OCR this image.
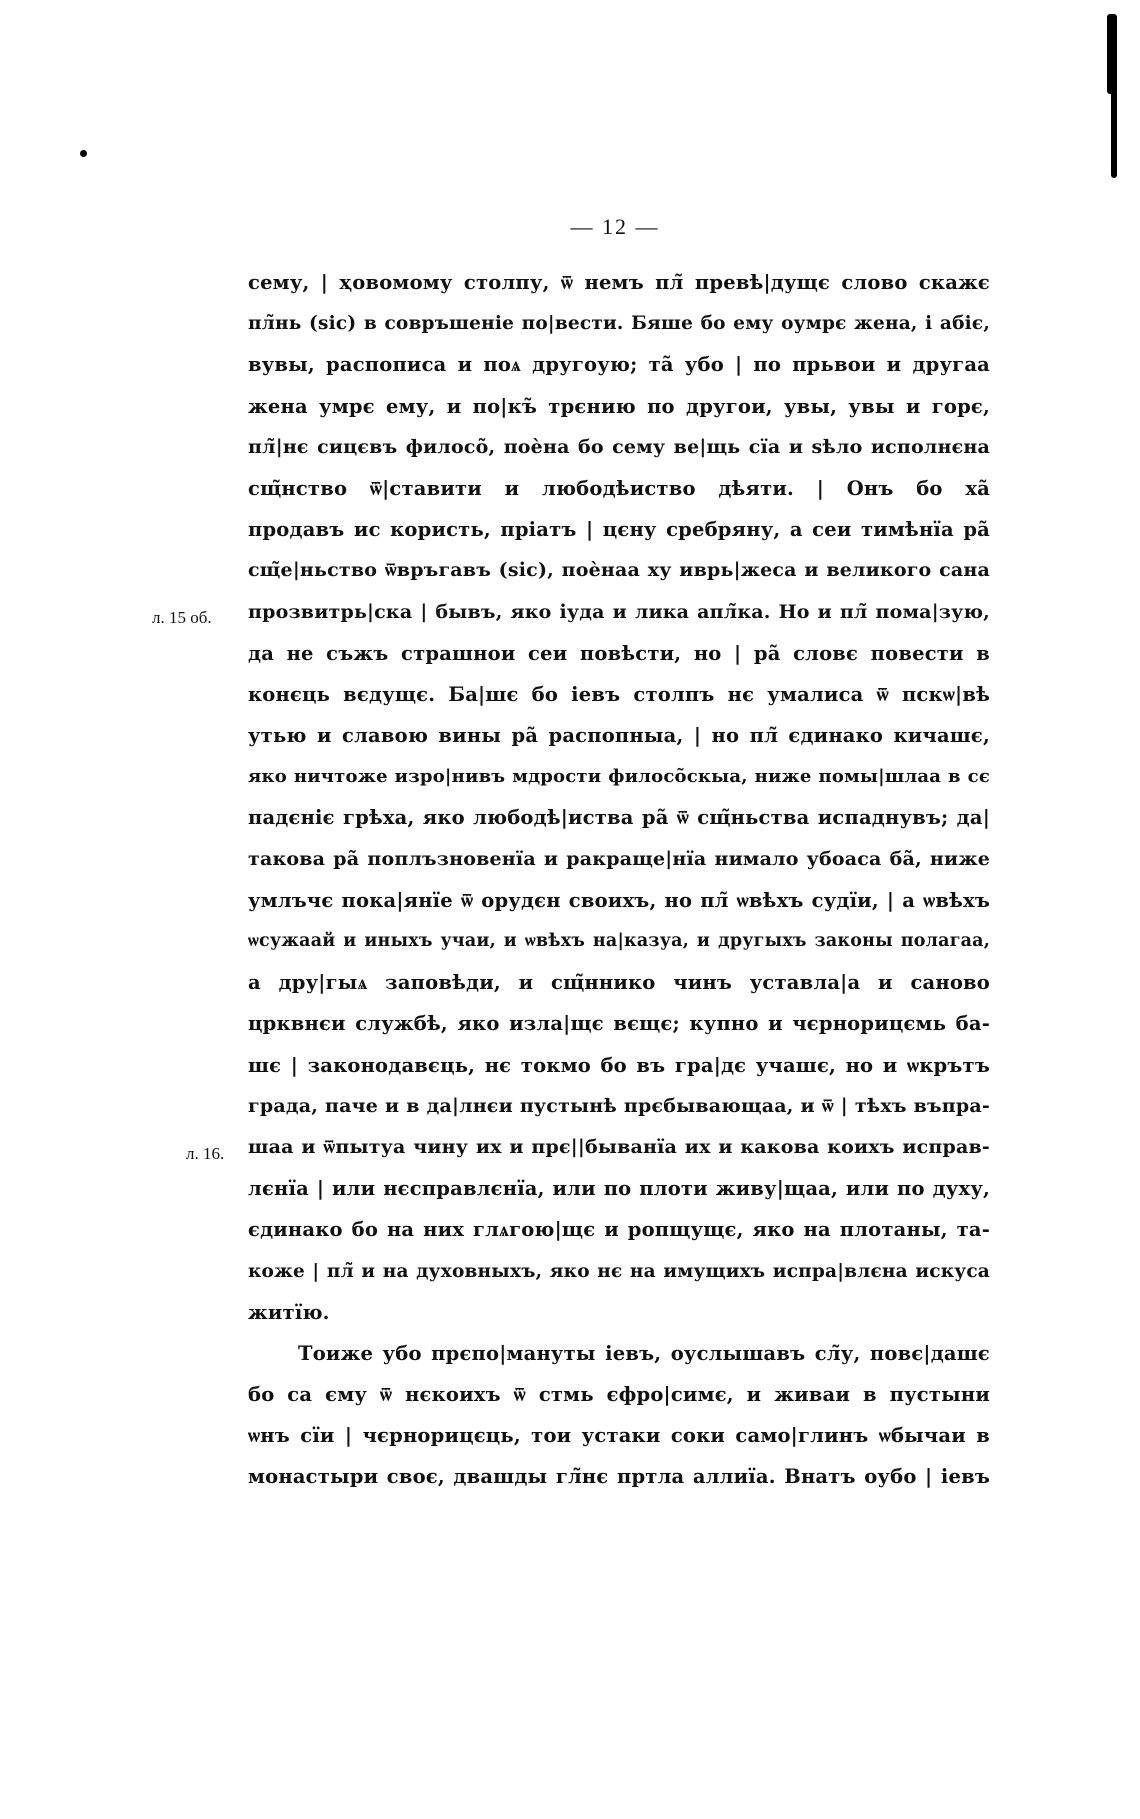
— 12 —
л. 15 об.
л. 16.
сему, | ҳовомому столпу, ѿ немъ пл̃ превѣ|дущє слово скажє
пл̃нь (sic) в совръшеніе по|вести. Бяше бо ему оумрє жена, і абіє,
вувы, распописа и поѧ другоую; та̃ убо | по прьвои и другаа
жена умрє ему, и по|къ̃ трєнию по другои, увы, увы и горє,
пл̃|нє сицєвъ филосо̃, поѐна бо сему ве|щь сїа и ѕѣло исполнєна
сщ̃нство ѿ|ставити и любодѣиство дѣяти. | Онъ бо ха̃
продавъ ис користь, пріатъ | цєну сребряну, а сеи тимѣнїа ра̃
сщ̃е|ньство ѿвръгавъ (sic), поѐнаа ху иврь|жеса и великого сана
прозвитрь|ска | бывъ, яко іуда и лика апл̃ка. Но и пл̃ пома|зую,
да не съжъ страшнои сеи повѣсти, но | ра̃ словє повести в
конєць вєдущє. Ба|шє бо іевъ столпъ нє умалиса ѿ пскѡ|вѣ
утью и славою вины ра̃ распопныа, | но пл̃ єдинако кичашє,
яко ничтоже изро|нивъ мдрости филосо̃скыа, ниже помы|шлаа в сє
падєніє грѣха, яко любодѣ|иства ра̃ ѿ сщ̃ньства испаднувъ; да|
такова ра̃ поплъзновенїа и ракраще|нїа нимало убоаса ба̃, ниже
умлъчє пока|янїе ѿ орудєн своихъ, но пл̃ ѡвѣхъ судїи, | а ѡвѣхъ
ѡсужаай и иныхъ учаи, и ѡвѣхъ на|казуа, и другыхъ законы полагаа,
а дру|гыѧ заповѣди, и сщ̃ннико чинъ уставла|а и саново
црквнєи службѣ, яко изла|щє вєщє; купно и чєрнорицємь ба-
шє | законодавєць, нє токмо бо въ гра|дє учашє, но и ѡкрътъ
града, паче и в да|лнєи пустынѣ прєбывающаа, и ѿ | тѣхъ въпра-
шаа и ѿпытуа чину их и прє||быванїа их и какова коихъ исправ-
лєнїа | или нєсправлєнїа, или по плоти живу|щаа, или по духу,
єдинако бо на них глѧгою|щє и ропщущє, яко на плотаны, та-
коже | пл̃ и на духовныхъ, яко нє на имущихъ испра|влєна искуса
житїю.
Тоиже убо прєпо|мануты іевъ, оуслышавъ сл̃у, повє|дашє
бо са єму ѿ нєкоихъ ѿ стмь єфро|симє, и живаи в пустыни
ѡнъ сїи | чєрнорицєць, тои устаки соки само|глинъ ѡбычаи в
монастыри своє, двашды гл̃нє пртла аллиїа. Внатъ оубо | іевъ
